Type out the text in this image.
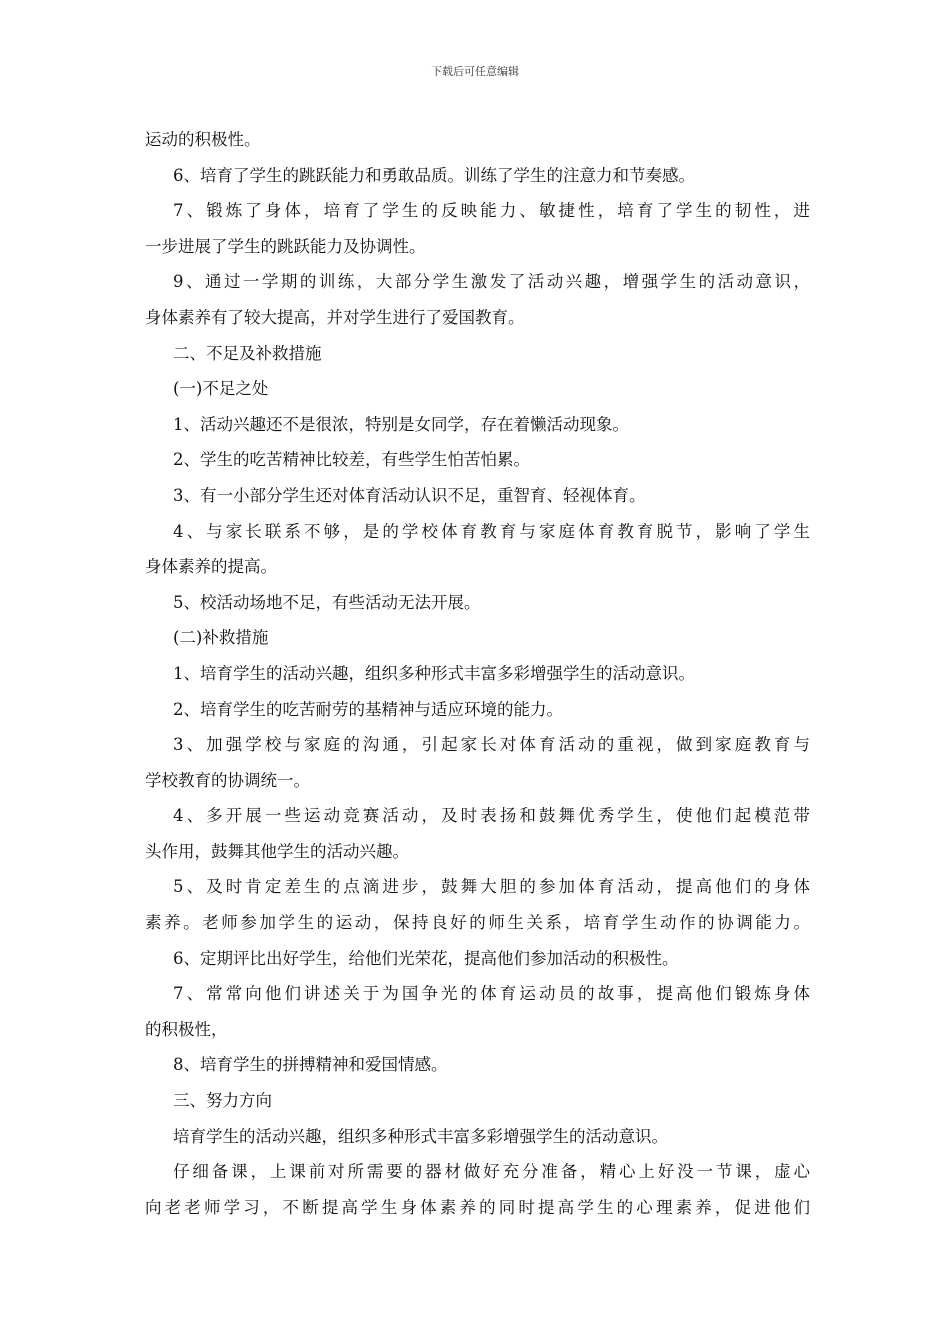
下载后可任意编辑
运动的积极性。
6、培育了学生的跳跃能力和勇敢品质。训练了学生的注意力和节奏感。
7、锻炼了身体，培育了学生的反映能力、敏捷性，培育了学生的韧性，进
一步进展了学生的跳跃能力及协调性。
9、通过一学期的训练，大部分学生激发了活动兴趣，增强学生的活动意识，
身体素养有了较大提高，并对学生进行了爱国教育。
二、不足及补救措施
(一)不足之处
1、活动兴趣还不是很浓，特别是女同学，存在着懒活动现象。
2、学生的吃苦精神比较差，有些学生怕苦怕累。
3、有一小部分学生还对体育活动认识不足，重智育、轻视体育。
4、与家长联系不够，是的学校体育教育与家庭体育教育脱节，影响了学生
身体素养的提高。
5、校活动场地不足，有些活动无法开展。
(二)补救措施
1、培育学生的活动兴趣，组织多种形式丰富多彩增强学生的活动意识。
2、培育学生的吃苦耐劳的基精神与适应环境的能力。
3、加强学校与家庭的沟通，引起家长对体育活动的重视，做到家庭教育与
学校教育的协调统一。
4、多开展一些运动竞赛活动，及时表扬和鼓舞优秀学生，使他们起模范带
头作用，鼓舞其他学生的活动兴趣。
5、及时肯定差生的点滴进步，鼓舞大胆的参加体育活动，提高他们的身体
素养。老师参加学生的运动，保持良好的师生关系，培育学生动作的协调能力。
6、定期评比出好学生，给他们光荣花，提高他们参加活动的积极性。
7、常常向他们讲述关于为国争光的体育运动员的故事，提高他们锻炼身体
的积极性，
8、培育学生的拼搏精神和爱国情感。
三、努力方向
培育学生的活动兴趣，组织多种形式丰富多彩增强学生的活动意识。
仔细备课，上课前对所需要的器材做好充分准备，精心上好没一节课，虚心
向老老师学习，不断提高学生身体素养的同时提高学生的心理素养，促进他们
